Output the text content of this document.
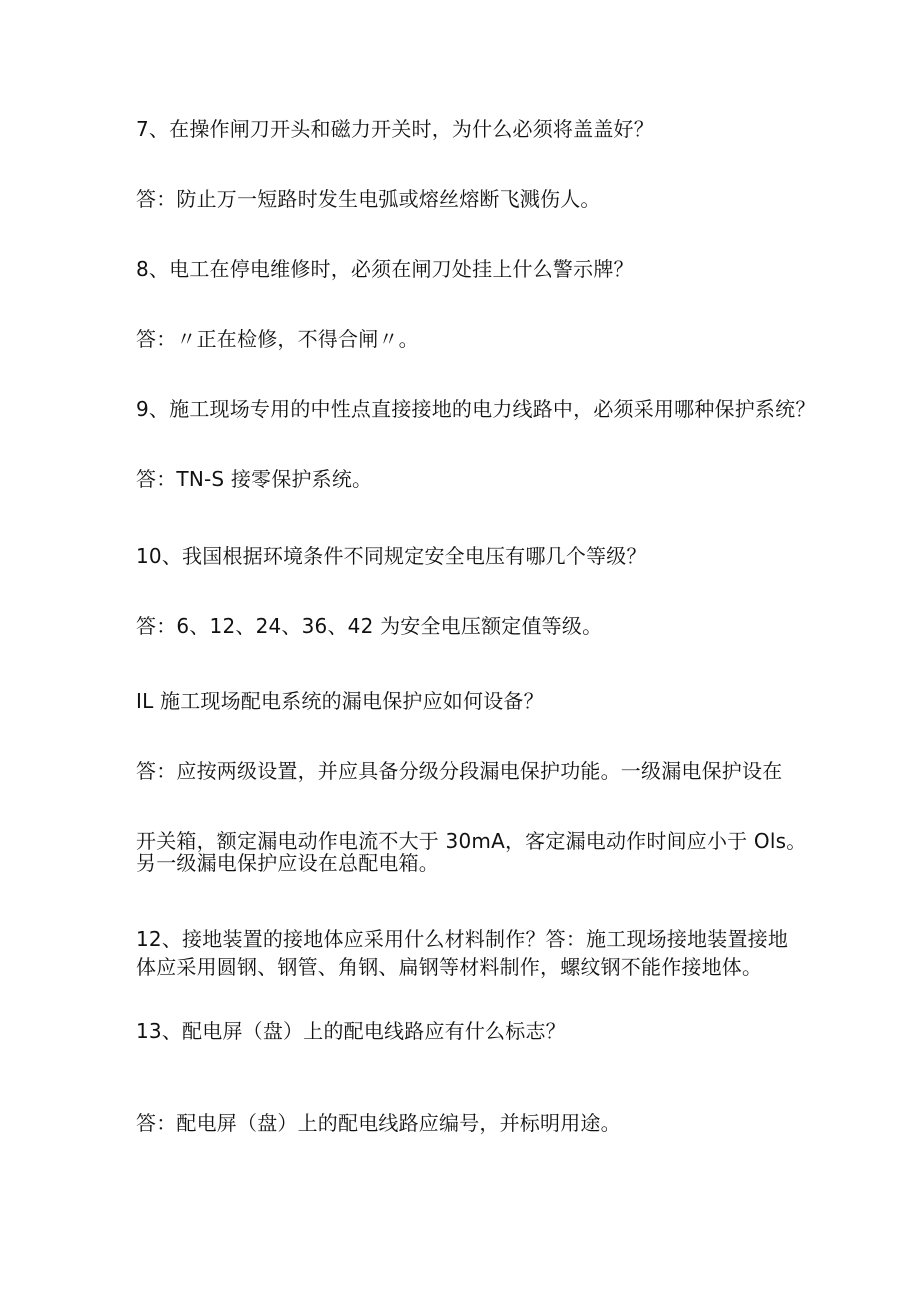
7、在操作闸刀开头和磁力开关时，为什么必须将盖盖好？
答：防止万一短路时发生电弧或熔丝熔断飞溅伤人。
8、电工在停电维修时，必须在闸刀处挂上什么警示牌？
答：〃正在检修，不得合闸〃。
9、施工现场专用的中性点直接接地的电力线路中，必须采用哪种保护系统？
答：TN-S 接零保护系统。
10、我国根据环境条件不同规定安全电压有哪几个等级？
答：6、12、24、36、42 为安全电压额定值等级。
IL 施工现场配电系统的漏电保护应如何设备？
答：应按两级设置，并应具备分级分段漏电保护功能。一级漏电保护设在
开关箱，额定漏电动作电流不大于 30mA，客定漏电动作时间应小于 Ols。
另一级漏电保护应设在总配电箱。
12、接地装置的接地体应采用什么材料制作？答：施工现场接地装置接地
体应采用圆钢、钢管、角钢、扁钢等材料制作，螺纹钢不能作接地体。
13、配电屏（盘）上的配电线路应有什么标志？
答：配电屏（盘）上的配电线路应编号，并标明用途。
